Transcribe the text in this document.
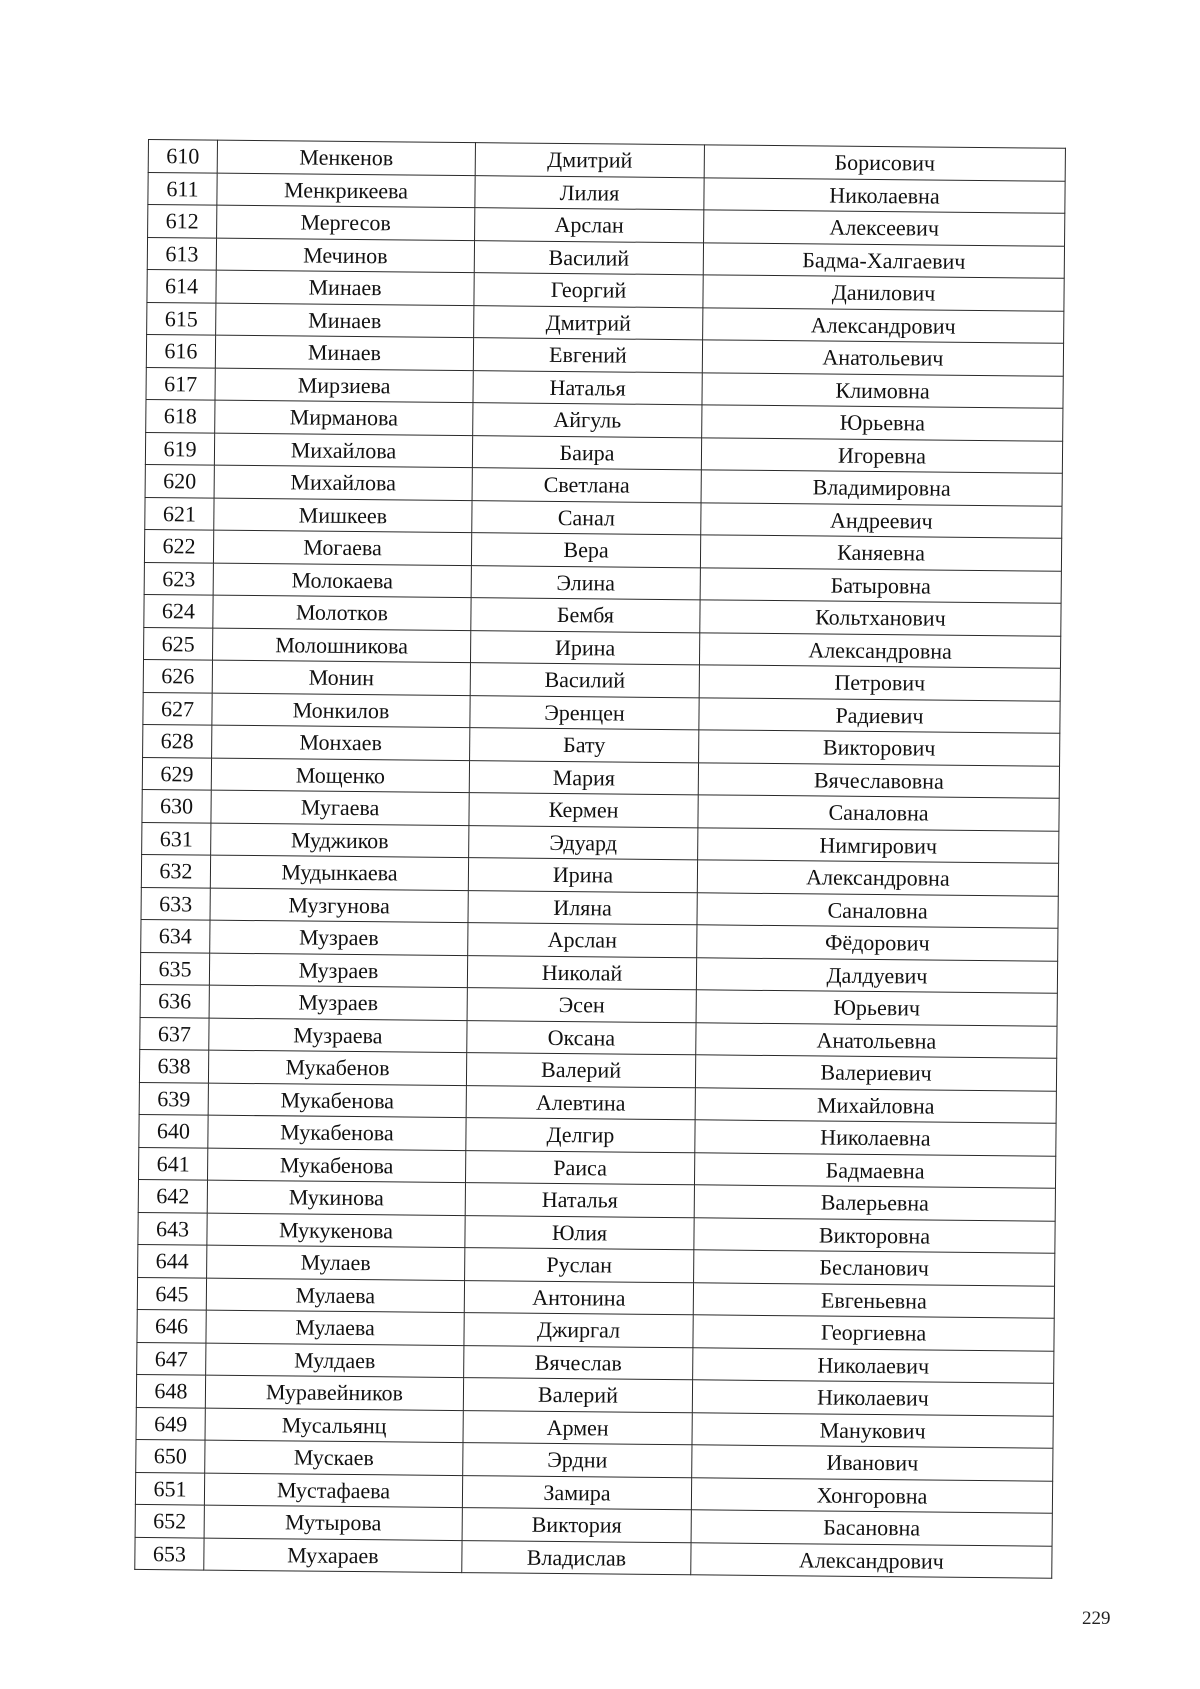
610	Менкенов	Дмитрий	Борисович
611	Менкрикеева	Лилия	Николаевна
612	Мергесов	Арслан	Алексеевич
613	Мечинов	Василий	Бадма-Халгаевич
614	Минаев	Георгий	Данилович
615	Минаев	Дмитрий	Александрович
616	Минаев	Евгений	Анатольевич
617	Мирзиева	Наталья	Климовна
618	Мирманова	Айгуль	Юрьевна
619	Михайлова	Баира	Игоревна
620	Михайлова	Светлана	Владимировна
621	Мишкеев	Санал	Андреевич
622	Могаева	Вера	Каняевна
623	Молокаева	Элина	Батыровна
624	Молотков	Бембя	Кольтханович
625	Молошникова	Ирина	Александровна
626	Монин	Василий	Петрович
627	Монкилов	Эренцен	Радиевич
628	Монхаев	Бату	Викторович
629	Мощенко	Мария	Вячеславовна
630	Мугаева	Кермен	Саналовна
631	Муджиков	Эдуард	Нимгирович
632	Мудынкаева	Ирина	Александровна
633	Музгунова	Иляна	Саналовна
634	Музраев	Арслан	Фёдорович
635	Музраев	Николай	Далдуевич
636	Музраев	Эсен	Юрьевич
637	Музраева	Оксана	Анатольевна
638	Мукабенов	Валерий	Валериевич
639	Мукабенова	Алевтина	Михайловна
640	Мукабенова	Делгир	Николаевна
641	Мукабенова	Раиса	Бадмаевна
642	Мукинова	Наталья	Валерьевна
643	Мукукенова	Юлия	Викторовна
644	Мулаев	Руслан	Бесланович
645	Мулаева	Антонина	Евгеньевна
646	Мулаева	Джиргал	Георгиевна
647	Мулдаев	Вячеслав	Николаевич
648	Муравейников	Валерий	Николаевич
649	Мусальянц	Армен	Манукович
650	Мускаев	Эрдни	Иванович
651	Мустафаева	Замира	Хонгоровна
652	Мутырова	Виктория	Басановна
653	Мухараев	Владислав	Александрович
229
